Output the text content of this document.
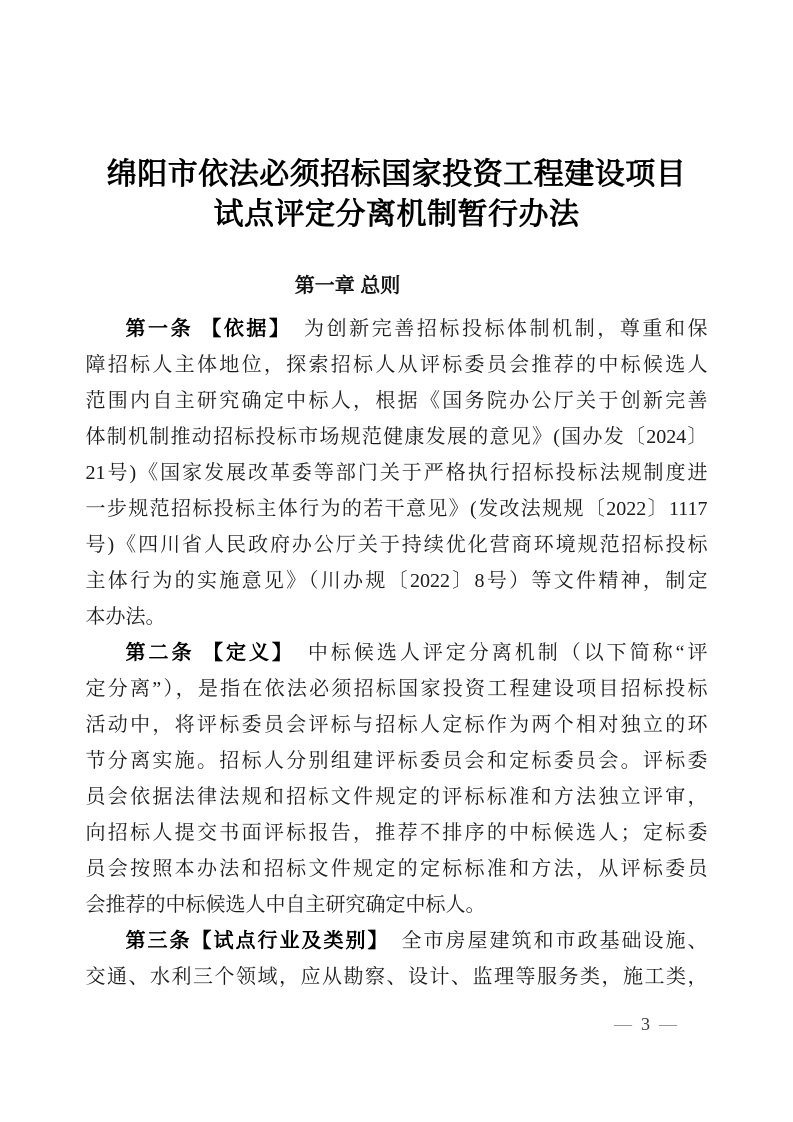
绵阳市依法必须招标国家投资工程建设项目
试点评定分离机制暂行办法
第一章 总则
第一条 【依据】　为创新完善招标投标体制机制，尊重和保
障招标人主体地位，探索招标人从评标委员会推荐的中标候选人
范围内自主研究确定中标人，根据《国务院办公厅关于创新完善
体制机制推动招标投标市场规范健康发展的意见》(国办发〔2024〕
21号)《国家发展改革委等部门关于严格执行招标投标法规制度进
一步规范招标投标主体行为的若干意见》(发改法规规〔2022〕1117
号)《四川省人民政府办公厅关于持续优化营商环境规范招标投标
主体行为的实施意见》（川办规〔2022〕8号）等文件精神，制定
本办法。
第二条 【定义】　中标候选人评定分离机制（以下简称“评
定分离”），是指在依法必须招标国家投资工程建设项目招标投标
活动中，将评标委员会评标与招标人定标作为两个相对独立的环
节分离实施。招标人分别组建评标委员会和定标委员会。评标委
员会依据法律法规和招标文件规定的评标标准和方法独立评审，
向招标人提交书面评标报告，推荐不排序的中标候选人；定标委
员会按照本办法和招标文件规定的定标标准和方法，从评标委员
会推荐的中标候选人中自主研究确定中标人。
第三条【试点行业及类别】　全市房屋建筑和市政基础设施、
交通、水利三个领域，应从勘察、设计、监理等服务类，施工类，
— 3 —
